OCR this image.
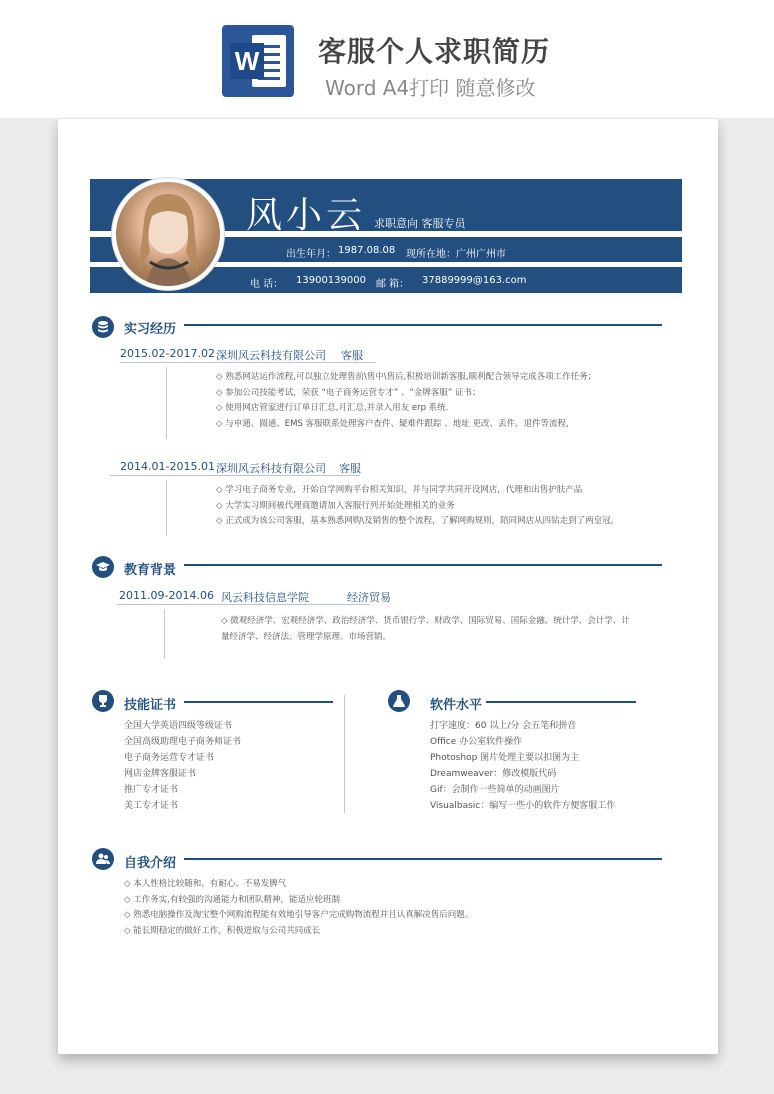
W 客服个人求职简历
Word A4打印 随意修改
风小云 求职意向 客服专员
出生年月： 1987.08.08 现所在地： 广州广州市
电 话： 13900139000 邮 箱： 37889999@163.com
实习经历
2015.02-2017.02 深圳风云科技有限公司 客服
◇ 熟悉网站运作流程,可以独立处理售前\售中\售后,积极培训新客服,顺利配合领导完成各项工作任务；
◇ 参加公司技能考试，荣获 “电子商务运营专才” 、“金牌客服” 证书；
◇ 使用网店管家进行订单日汇总,月汇总,并录入用友 erp 系统.
◇ 与申通、圆通、EMS 客服联系处理客户查件、疑难件跟踪 、地址 更改、丢件、退件等流程，
2014.01-2015.01 深圳风云科技有限公司 客服
◇ 学习电子商务专业，开始自学网购平台相关知识，并与同学共同开设网店，代理和出售护肤产品
◇ 大学实习期间被代理商邀请加入客服行列开始处理相关的业务
◇ 正式成为该公司客服，基本熟悉网购\及销售的整个流程，了解网购规则，陪同网店从四钻走到了两皇冠。
教育背景
2011.09-2014.06 风云科技信息学院	经济贸易
◇ 微观经济学、宏观经济学、政治经济学、货币银行学、财政学、国际贸易、国际金融、统计学、会计学、计
量经济学、经济法、管理学原理、市场营销。
技能证书
全国大学英语四级等级证书
全国高级助理电子商务师证书
电子商务运营专才证书
网店金牌客服证书
推广专才证书
美工专才证书
软件水平
打字速度：60 以上/分 会五笔和拼音
Office 办公室软件操作
Photoshop 图片处理主要以扣图为主
Dreamweaver：修改模版代码
Gif：会制作一些简单的动画图片
Visualbasic：编写一些小的软件方便客服工作
自我介绍
◇ 本人性格比较随和、有耐心、不易发脾气
◇ 工作务实,有较强的沟通能力和团队精神，能适应轮班制
◇ 熟悉电脑操作及淘宝整个网购流程能有效地引导客户完成购物流程并且认真解决售后问题。
◇ 能长期稳定的做好工作，积极进取与公司共同成长
